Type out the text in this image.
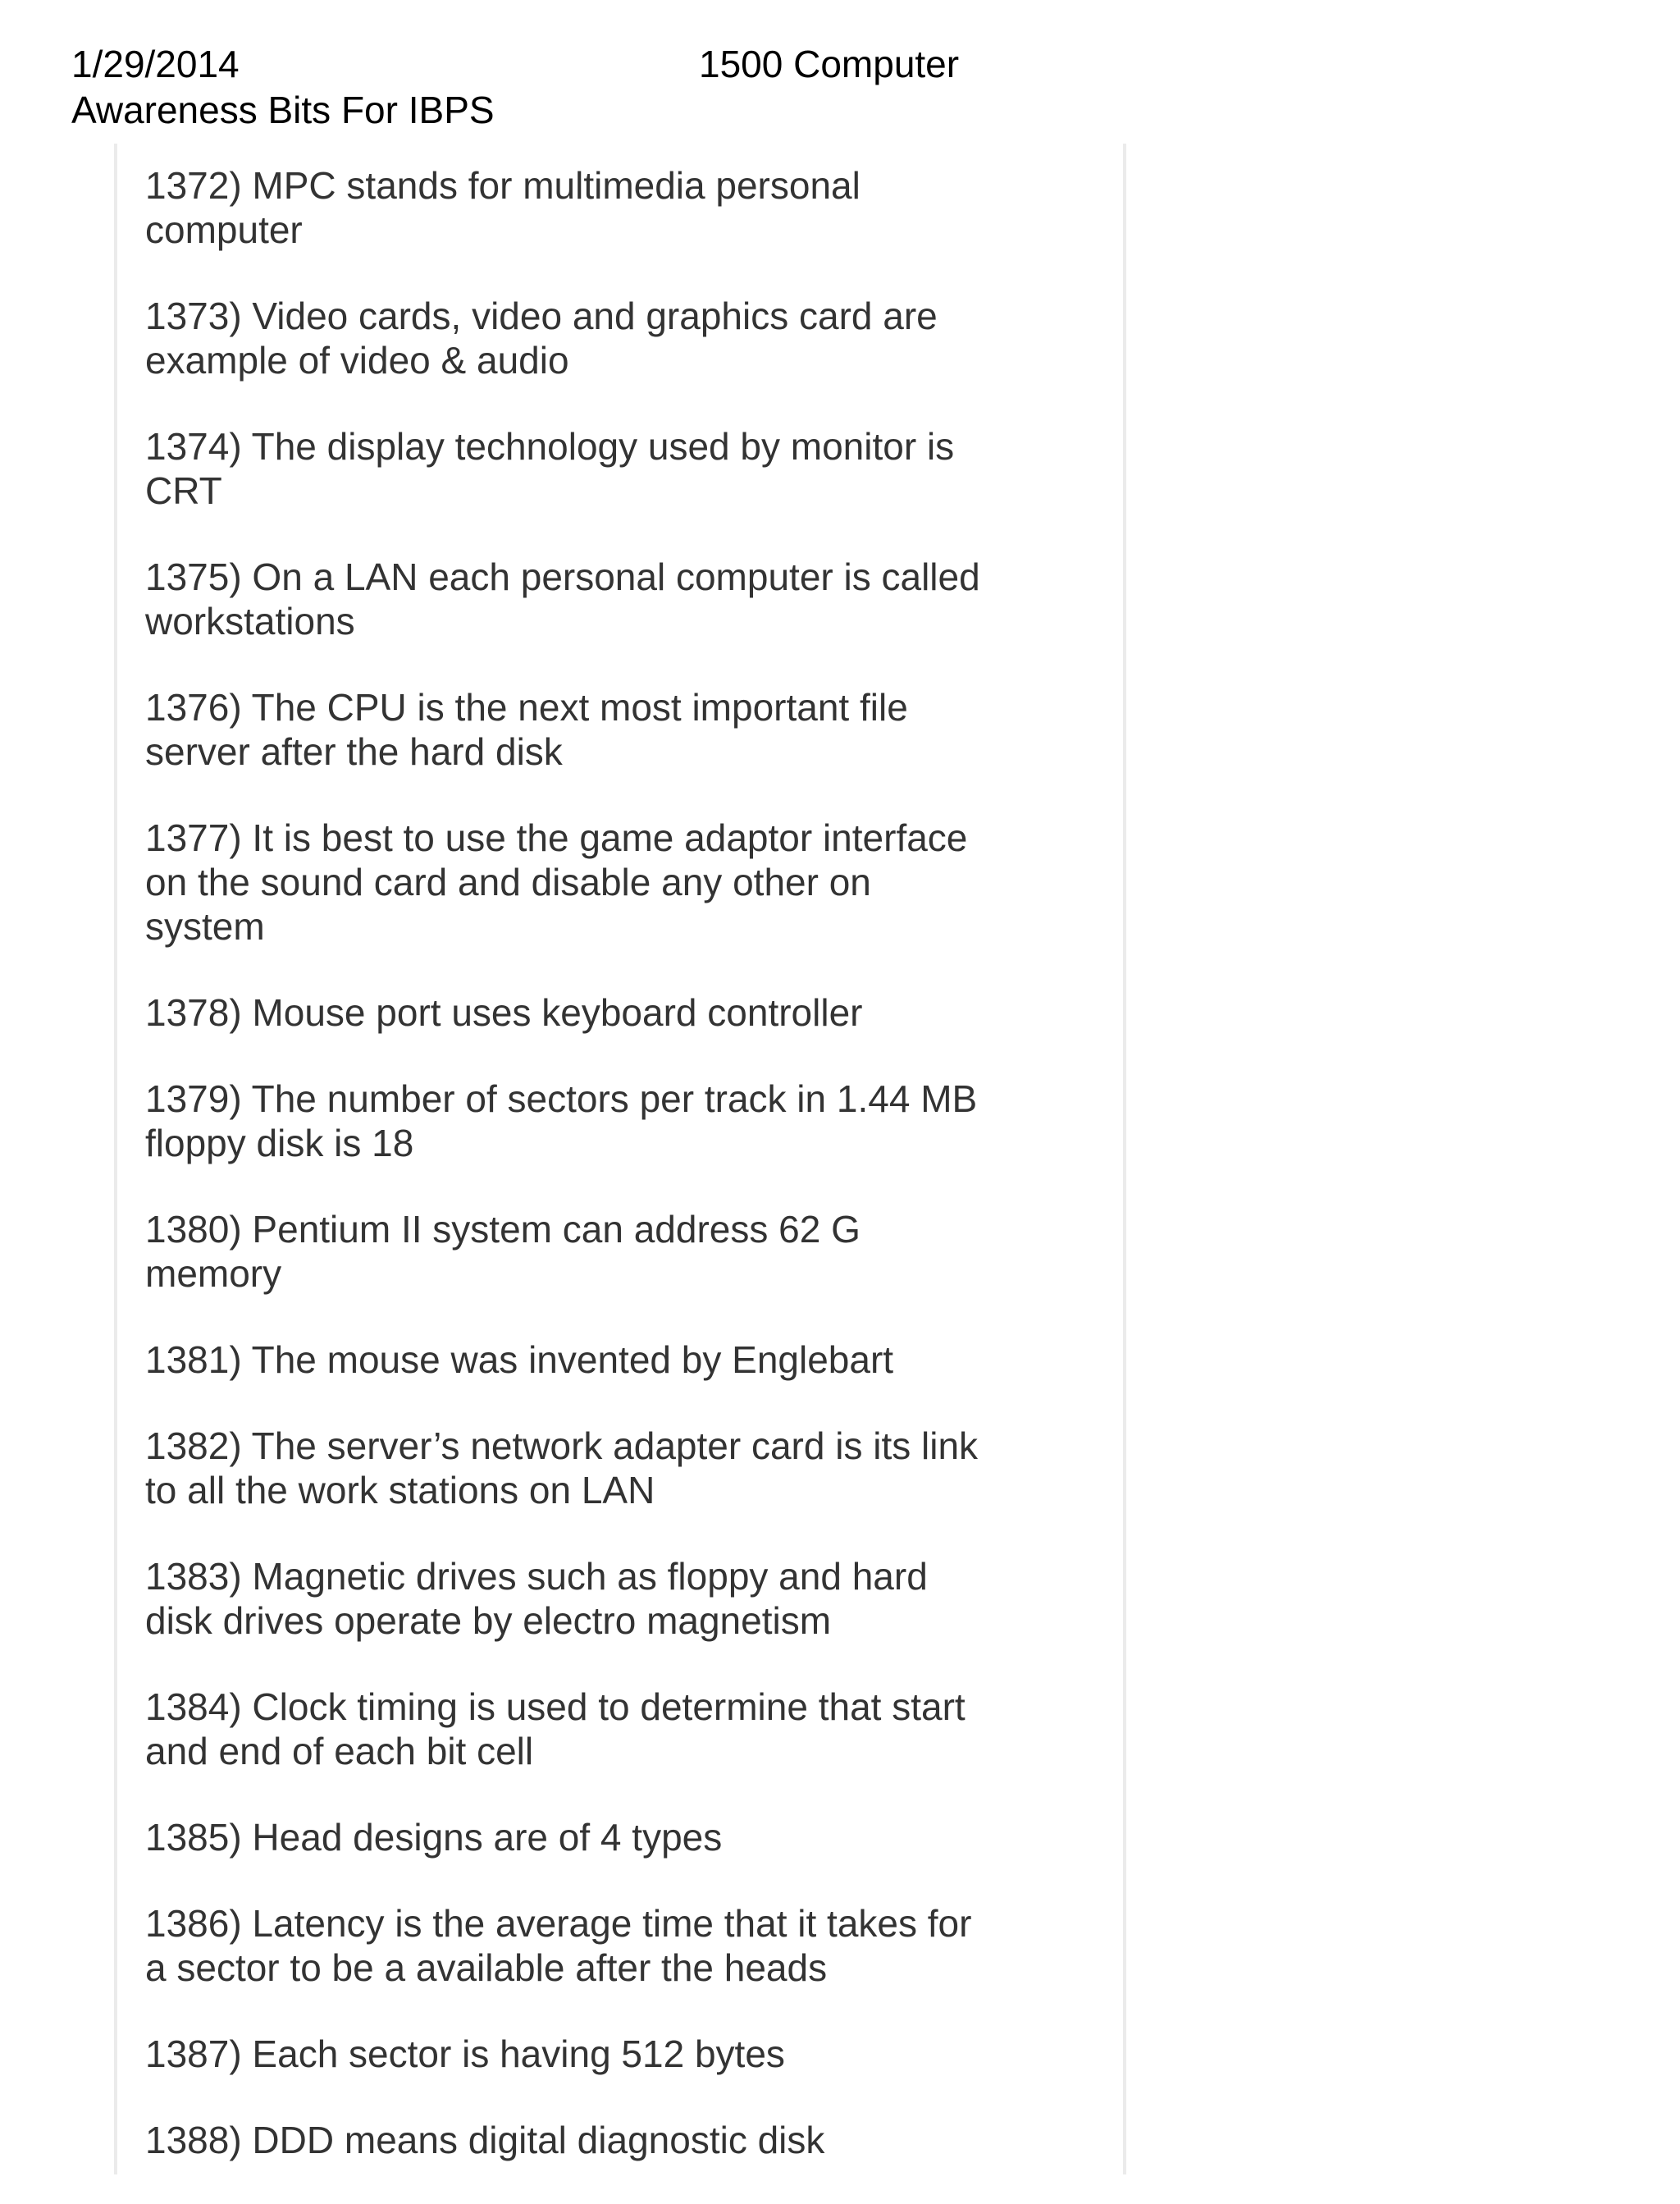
1/29/2014	1500 Computer
Awareness Bits For IBPS
1372) MPC stands for multimedia personal
computer
1373) Video cards, video and graphics card are
example of video & audio
1374) The display technology used by monitor is
CRT
1375) On a LAN each personal computer is called
workstations
1376) The CPU is the next most important file
server after the hard disk
1377) It is best to use the game adaptor interface
on the sound card and disable any other on
system
1378) Mouse port uses keyboard controller
1379) The number of sectors per track in 1.44 MB
floppy disk is 18
1380) Pentium II system can address 62 G
memory
1381) The mouse was invented by Englebart
1382) The server’s network adapter card is its link
to all the work stations on LAN
1383) Magnetic drives such as floppy and hard
disk drives operate by electro magnetism
1384) Clock timing is used to determine that start
and end of each bit cell
1385) Head designs are of 4 types
1386) Latency is the average time that it takes for
a sector to be a available after the heads
1387) Each sector is having 512 bytes
1388) DDD means digital diagnostic disk
